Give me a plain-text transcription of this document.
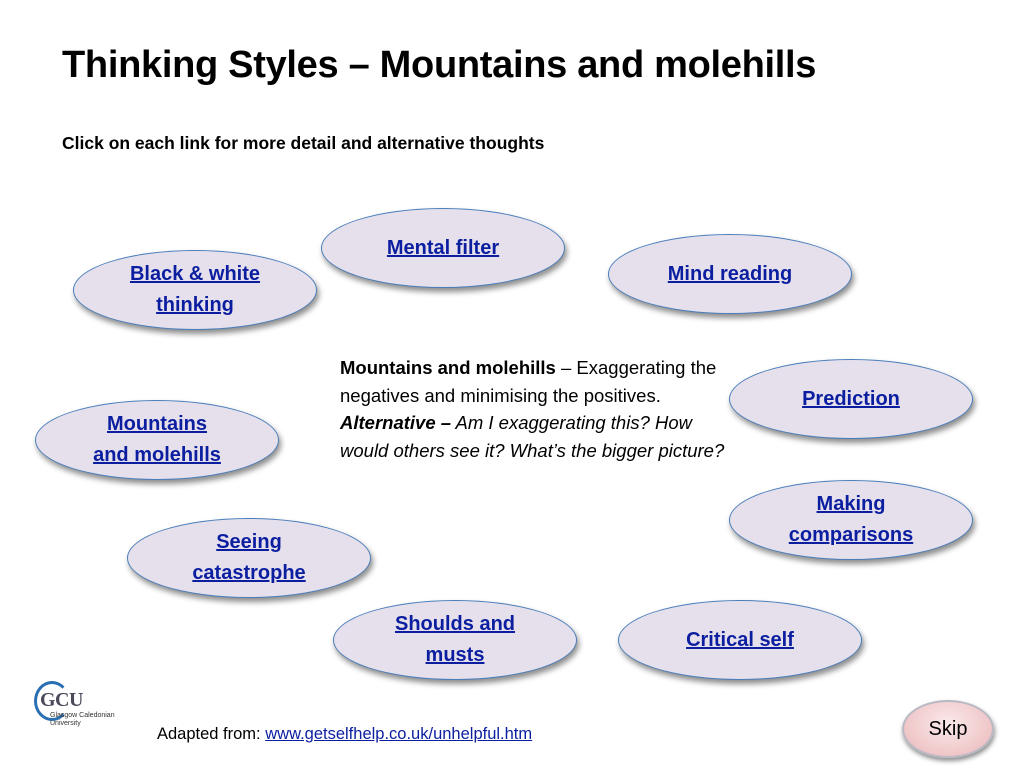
Thinking Styles – Mountains and molehills
Click on each link for more detail and alternative thoughts
Mental filter
Black & white
thinking
Mind reading
Prediction
Mountains
and molehills
Making
comparisons
Seeing
catastrophe
Shoulds and
musts
Critical self
Mountains and molehills – Exaggerating the negatives and minimising the positives.
Alternative – Am I exaggerating this? How would others see it? What’s the bigger picture?
GCU
Glasgow Caledonian
University
Adapted from: www.getselfhelp.co.uk/unhelpful.htm	Skip
